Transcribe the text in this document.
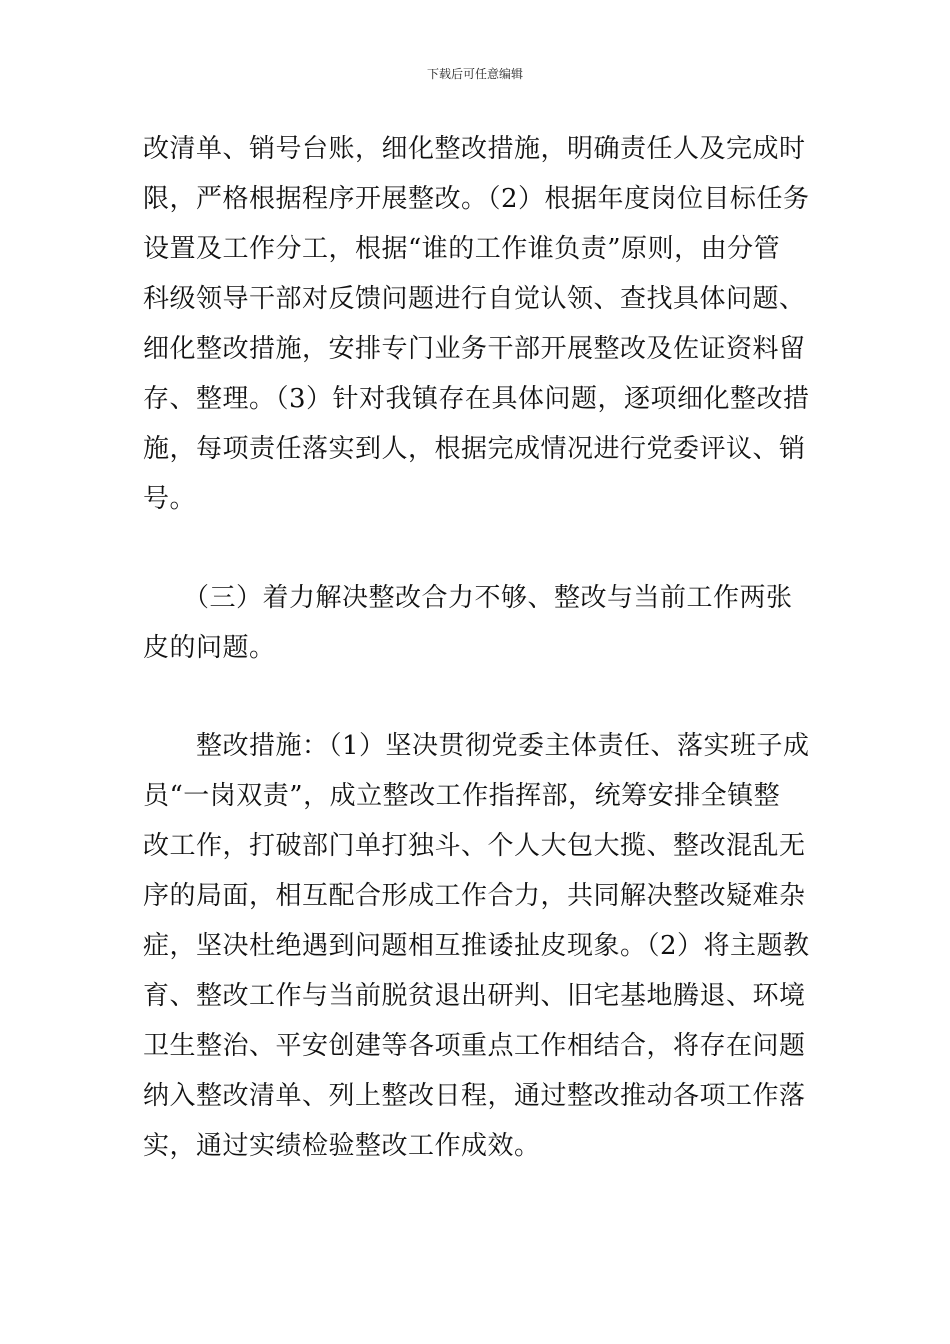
下载后可任意编辑
改清单、销号台账，细化整改措施，明确责任人及完成时
限，严格根据程序开展整改。（2）根据年度岗位目标任务
设置及工作分工，根据“谁的工作谁负责”原则，由分管
科级领导干部对反馈问题进行自觉认领、查找具体问题、
细化整改措施，安排专门业务干部开展整改及佐证资料留
存、整理。（3）针对我镇存在具体问题，逐项细化整改措
施，每项责任落实到人，根据完成情况进行党委评议、销
号。
　　（三）着力解决整改合力不够、整改与当前工作两张
皮的问题。
　　整改措施：（1）坚决贯彻党委主体责任、落实班子成
员“一岗双责”，成立整改工作指挥部，统筹安排全镇整
改工作，打破部门单打独斗、个人大包大揽、整改混乱无
序的局面，相互配合形成工作合力，共同解决整改疑难杂
症，坚决杜绝遇到问题相互推诿扯皮现象。（2）将主题教
育、整改工作与当前脱贫退出研判、旧宅基地腾退、环境
卫生整治、平安创建等各项重点工作相结合，将存在问题
纳入整改清单、列上整改日程，通过整改推动各项工作落
实，通过实绩检验整改工作成效。
